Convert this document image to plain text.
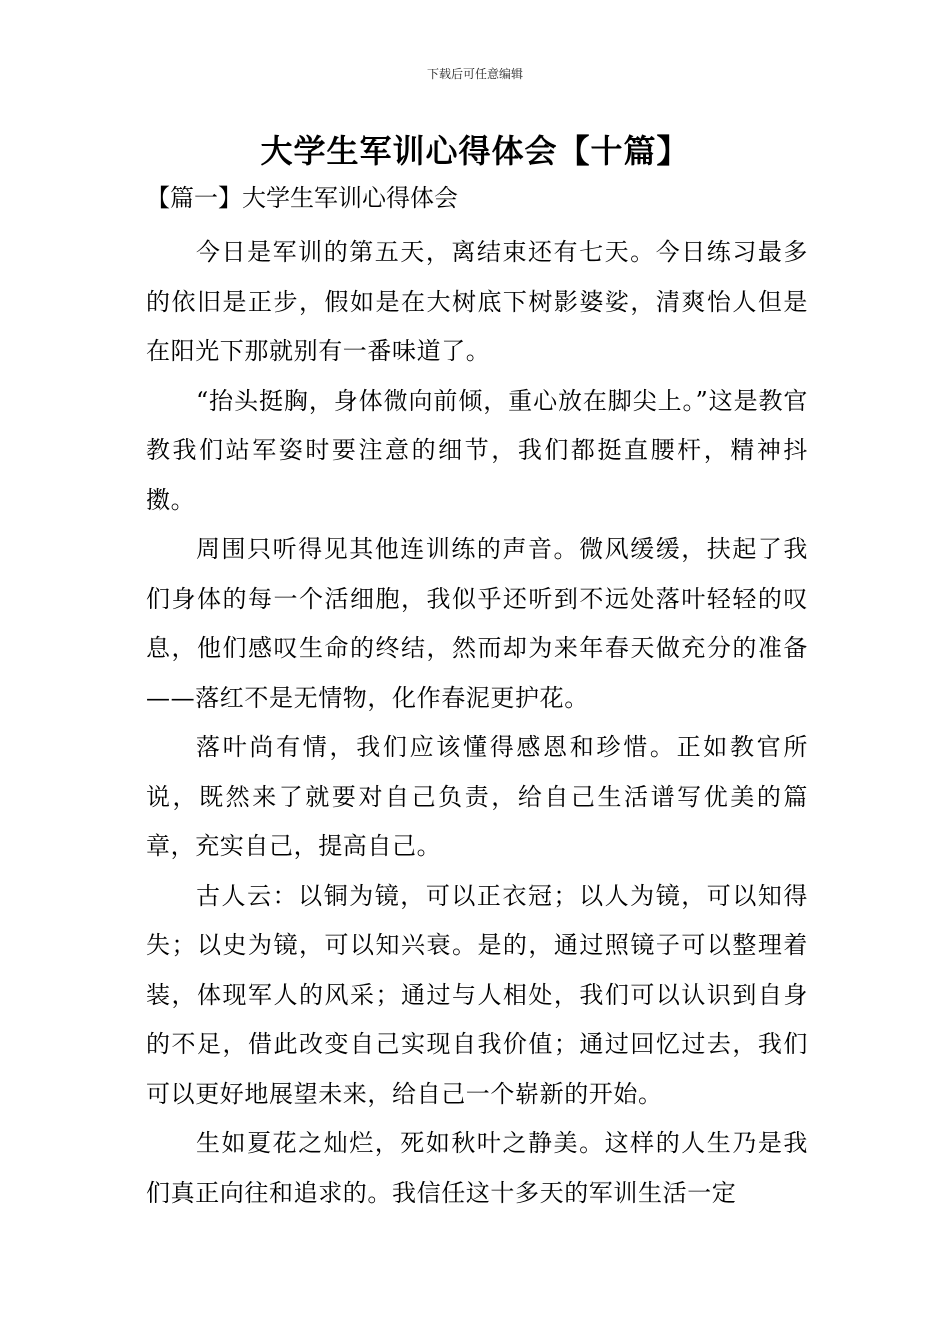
下载后可任意编辑
大学生军训心得体会【十篇】
【篇一】大学生军训心得体会

今日是军训的第五天，离结束还有七天。今日练习最多的依旧是正步，假如是在大树底下树影婆娑，清爽怡人但是在阳光下那就别有一番味道了。

“抬头挺胸，身体微向前倾，重心放在脚尖上。”这是教官教我们站军姿时要注意的细节，我们都挺直腰杆，精神抖擞。

周围只听得见其他连训练的声音。微风缓缓，扶起了我们身体的每一个活细胞，我似乎还听到不远处落叶轻轻的叹息，他们感叹生命的终结，然而却为来年春天做充分的准备——落红不是无情物，化作春泥更护花。

落叶尚有情，我们应该懂得感恩和珍惜。正如教官所说，既然来了就要对自己负责，给自己生活谱写优美的篇章，充实自己，提高自己。

古人云：以铜为镜，可以正衣冠；以人为镜，可以知得失；以史为镜，可以知兴衰。是的，通过照镜子可以整理着装，体现军人的风采；通过与人相处，我们可以认识到自身的不足，借此改变自己实现自我价值；通过回忆过去，我们可以更好地展望未来，给自己一个崭新的开始。

生如夏花之灿烂，死如秋叶之静美。这样的人生乃是我们真正向往和追求的。我信任这十多天的军训生活一定
